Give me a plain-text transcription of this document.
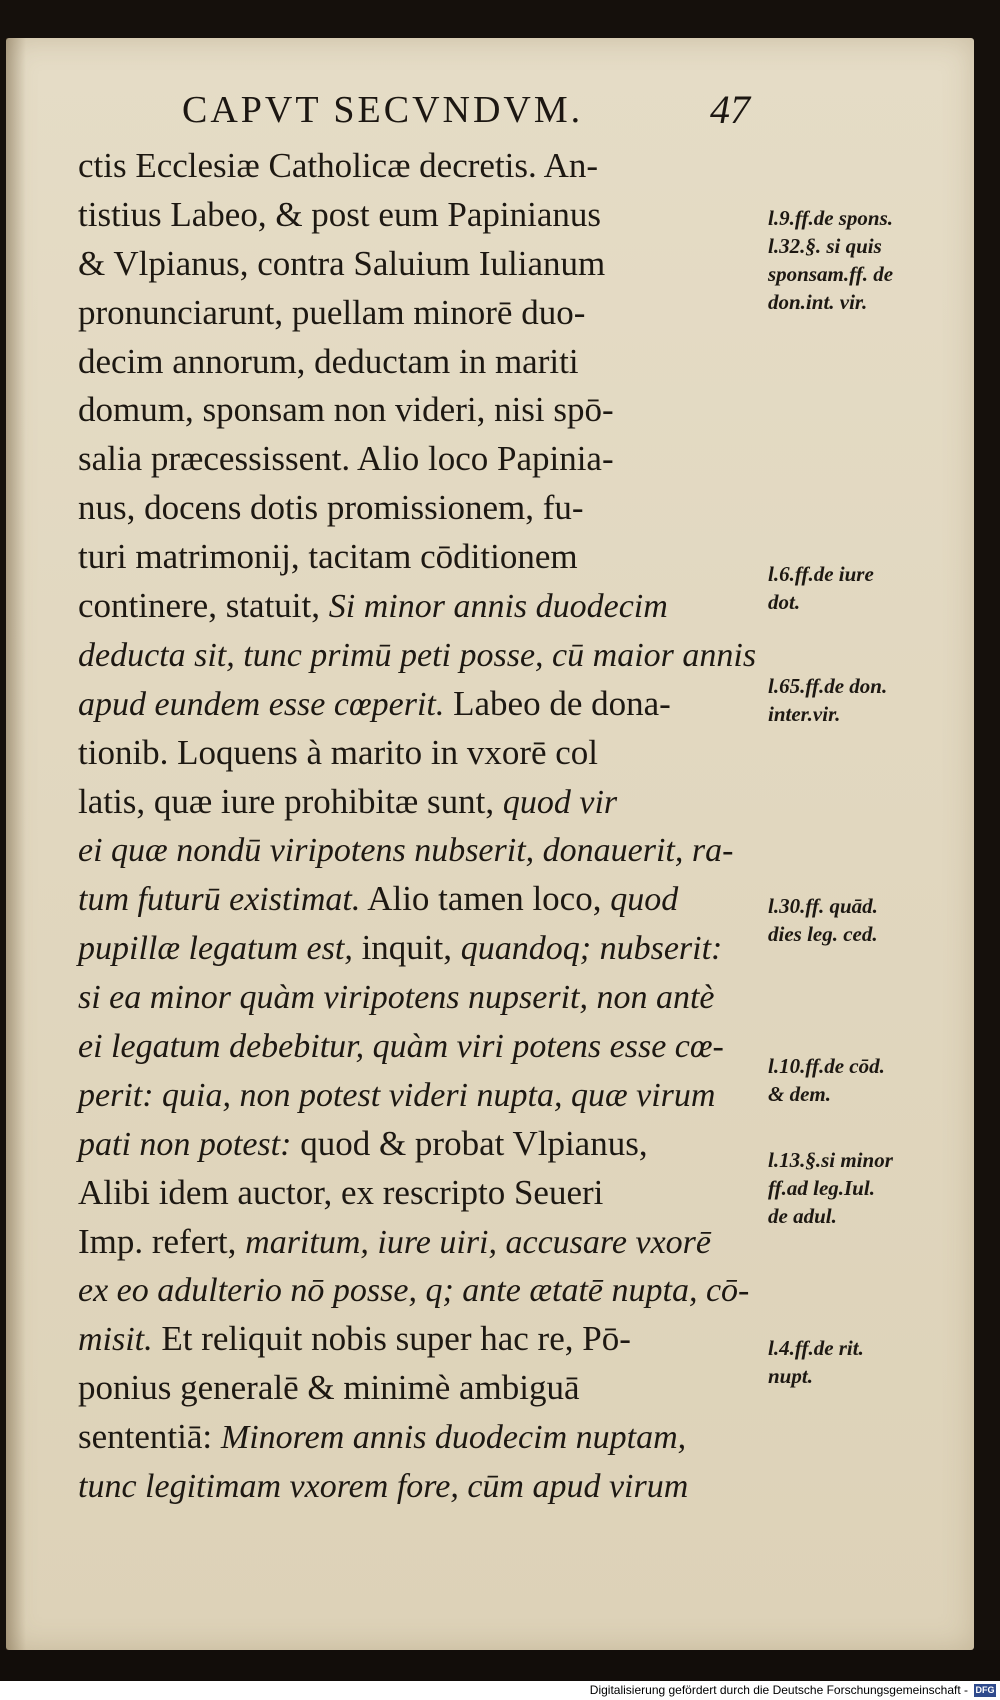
CAPVT SECVNDVM.	47
ctis Ecclesiæ Catholicæ decretis. An-
tistius Labeo, & post eum Papinianus
& Vlpianus, contra Saluium Iulianum
pronunciarunt, puellam minorē duo-
decim annorum, deductam in mariti
domum, sponsam non videri, nisi spō-
salia præcessissent. Alio loco Papinia-
nus, docens dotis promissionem, fu-
turi matrimonij, tacitam cōditionem
continere, statuit, Si minor annis duodecim
deducta sit, tunc primū peti posse, cū maior annis
apud eundem esse cœperit. Labeo de dona-
tionib. Loquens à marito in vxorē col
latis, quæ iure prohibitæ sunt, quod vir
ei quæ nondū viripotens nubserit, donauerit, ra-
tum futurū existimat. Alio tamen loco, quod
pupillæ legatum est, inquit, quandoq; nubserit:
si ea minor quàm viripotens nupserit, non antè
ei legatum debebitur, quàm viri potens esse cœ-
perit: quia, non potest videri nupta, quæ virum
pati non potest: quod & probat Vlpianus,
Alibi idem auctor, ex rescripto Seueri
Imp. refert, maritum, iure uiri, accusare vxorē
ex eo adulterio nō posse, q; ante ætatē nupta, cō-
misit. Et reliquit nobis super hac re, Pō-
ponius generalē & minimè ambiguā
sententiā: Minorem annis duodecim nuptam,
tunc legitimam vxorem fore, cūm apud virum
l.9.ff.de spons.
l.32.§. si quis
sponsam.ff. de
don.int. vir.
l.6.ff.de iure
dot.
l.65.ff.de don.
inter.vir.
l.30.ff. quād.
dies leg. ced.
l.10.ff.de cōd.
& dem.
l.13.§.si minor
ff.ad leg.Iul.
de adul.
l.4.ff.de rit.
nupt.
Digitalisierung gefördert durch die Deutsche Forschungsgemeinschaft - DFG
